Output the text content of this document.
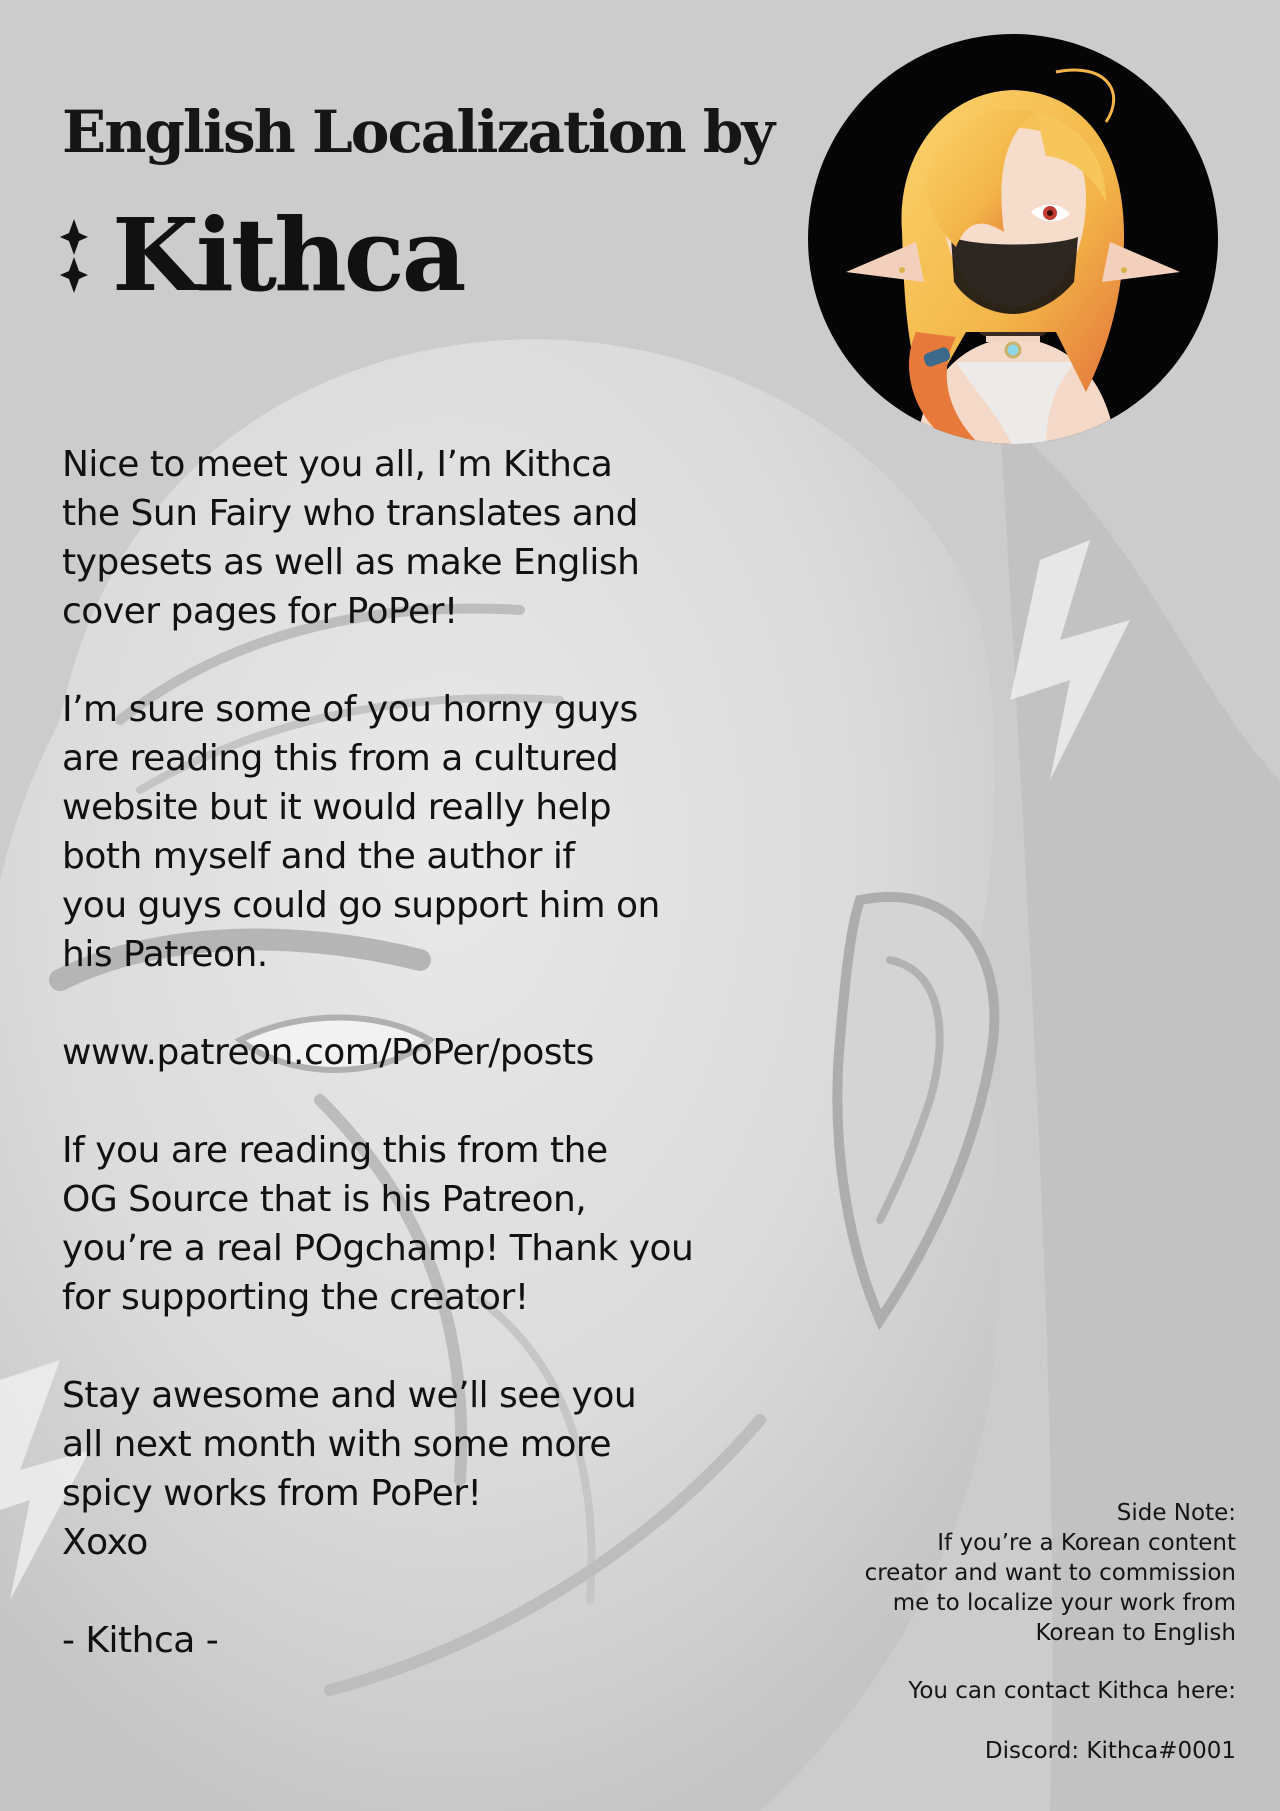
English Localization by
Kithca

Nice to meet you all, I’m Kithca
the Sun Fairy who translates and
typesets as well as make English
cover pages for PoPer!

I’m sure some of you horny guys
are reading this from a cultured
website but it would really help
both myself and the author if
you guys could go support him on
his Patreon.

www.patreon.com/PoPer/posts

If you are reading this from the
OG Source that is his Patreon,
you’re a real POgchamp! Thank you
for supporting the creator!

Stay awesome and we’ll see you
all next month with some more
spicy works from PoPer!

Xoxo

- Kithca -

Side Note:

If you’re a Korean content
creator and want to commission
me to localize your work from
Korean to English

You can contact Kithca here:

Discord: Kithca#0001
